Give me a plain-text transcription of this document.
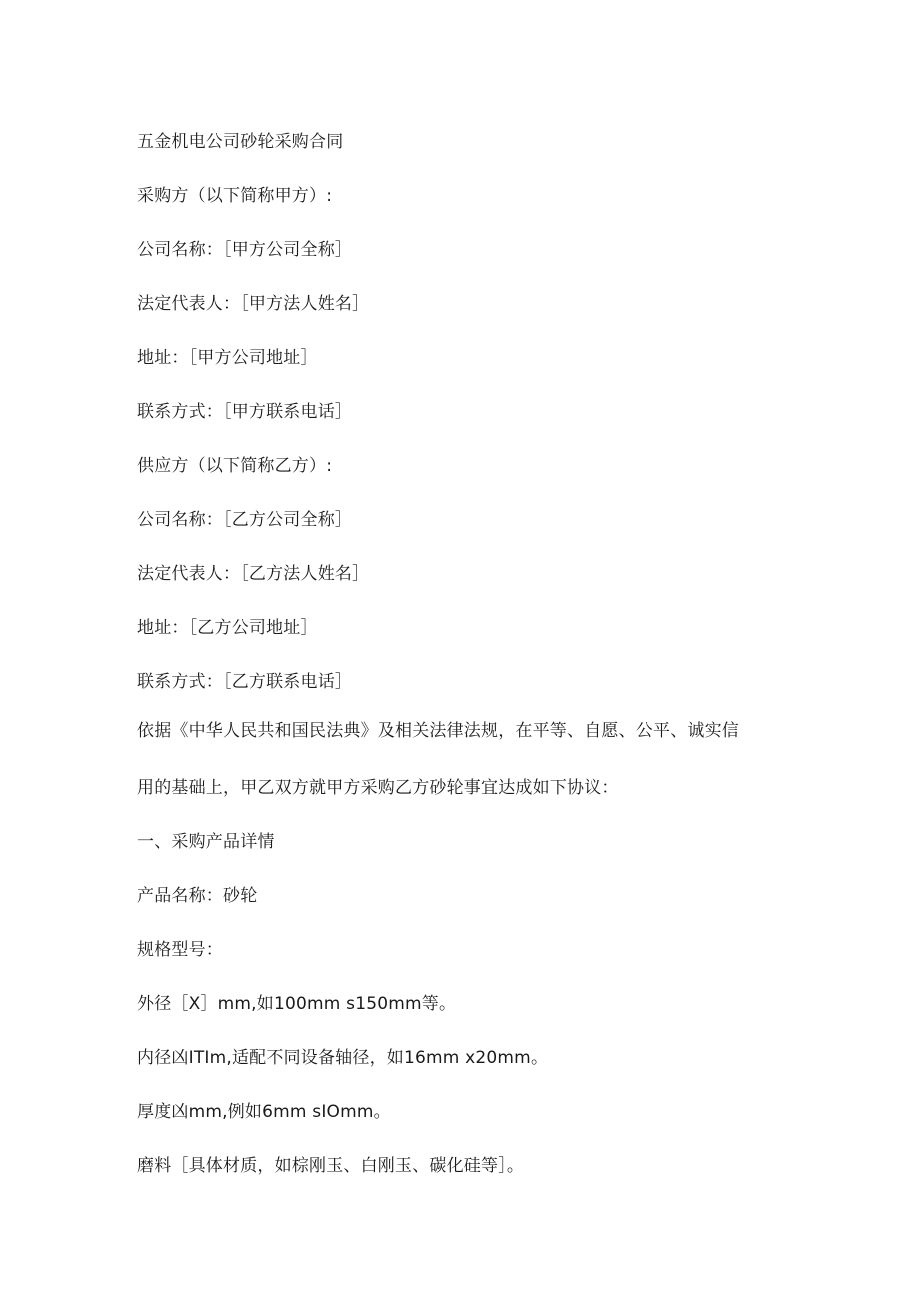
五金机电公司砂轮采购合同

采购方（以下简称甲方）:

公司名称：［甲方公司全称］

法定代表人：［甲方法人姓名］

地址：［甲方公司地址］

联系方式：［甲方联系电话］

供应方（以下简称乙方）:

公司名称：［乙方公司全称］

法定代表人：［乙方法人姓名］

地址：［乙方公司地址］

联系方式：［乙方联系电话］

依据《中华人民共和国民法典》及相关法律法规，在平等、自愿、公平、诚实信

用的基础上，甲乙双方就甲方采购乙方砂轮事宜达成如下协议：

一、采购产品详情

产品名称：砂轮

规格型号：

外径［X］mm,如100mm s150mm等。

内径凶ITIm,适配不同设备轴径，如16mm x20mm。

厚度凶mm,例如6mm sIOmm。

磨料［具体材质，如棕刚玉、白刚玉、碳化硅等］。
